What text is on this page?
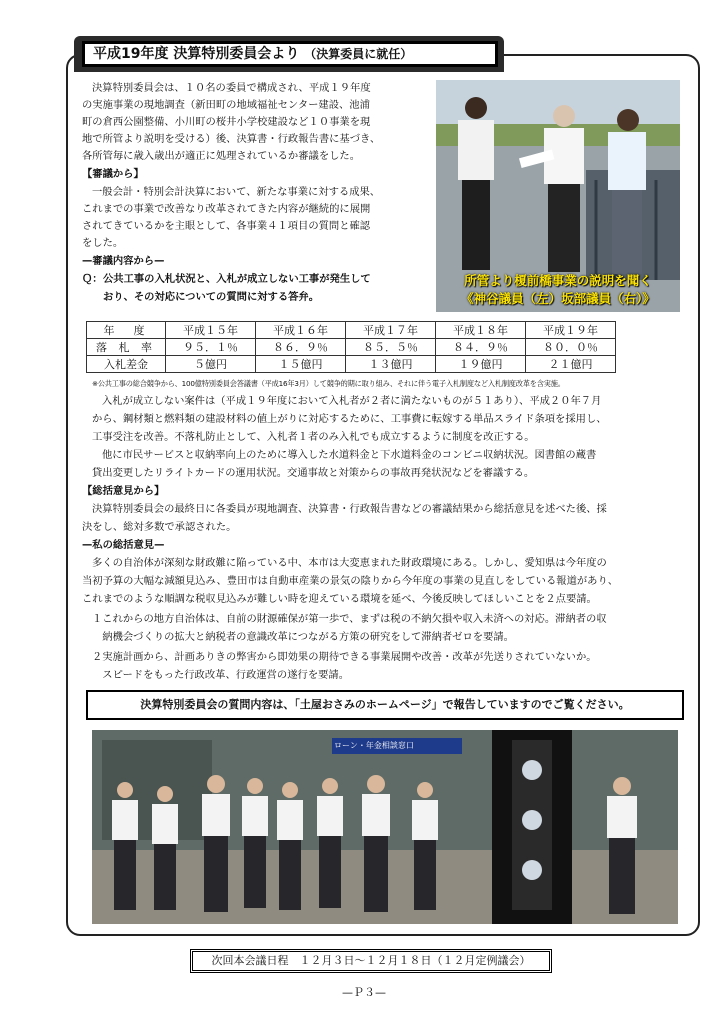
平成19年度 決算特別委員会より （決算委員に就任）
決算特別委員会は、１０名の委員で構成され、平成１９年度
の実施事業の現地調査（新田町の地域福祉センター建設、池浦
町の倉西公園整備、小川町の桜井小学校建設など１０事業を現
地で所管より説明を受ける）後、決算書・行政報告書に基づき、
各所管毎に歳入歳出が適正に処理されているか審議をした。
【審議から】
一般会計・特別会計決算において、新たな事業に対する成果、
これまでの事業で改善なり改革されてきた内容が継続的に展開
されてきているかを主眼として、各事業４１項目の質問と確認
をした。
—審議内容から—
Ｑ： 公共工事の入札状況と、入札が成立しない工事が発生して
おり、その対応についての質問に対する答弁。
所管より榎前橋事業の説明を聞く
《神谷議員（左）坂部議員（右）》
年　度	平成１５年	平成１６年	平成１７年	平成１８年	平成１９年
落 札 率	９５．１％	８６．９％	８５．５％	８４．９％	８０．０％
入札差金	５億円	１５億円	１３億円	１９億円	２１億円
※公共工事の総合競争から、100億特別委員会答議書（平成16年3月）して競争的期に取り組み、それに伴う電子入札制度など入札制度改革を含実施。
入札が成立しない案件は（平成１９年度において入札者が２者に満たないものが５１あり）、平成２０年７月
から、鋼材類と燃料類の建設材料の値上がりに対応するために、工事費に転嫁する単品スライド条項を採用し、
工事受注を改善。不落札防止として、入札者１者のみ入札でも成立するように制度を改正する。
他に市民サービスと収納率向上のために導入した水道料金と下水道料金のコンビニ収納状況。図書館の蔵書
貸出変更したリライトカードの運用状況。交通事故と対策からの事故再発状況などを審議する。
【総括意見から】
決算特別委員会の最終日に各委員が現地調査、決算書・行政報告書などの審議結果から総括意見を述べた後、採
決をし、総対多数で承認された。
—私の総括意見—
多くの自治体が深刻な財政難に陥っている中、本市は大変恵まれた財政環境にある。しかし、愛知県は今年度の
当初予算の大幅な減額見込み、豊田市は自動車産業の景気の陰りから今年度の事業の見直しをしている報道があり、
これまでのような順調な税収見込みが難しい時を迎えている環境を延べ、今後反映してほしいことを２点要請。
１これからの地方自治体は、自前の財源確保が第一歩で、まずは税の不納欠損や収入未済への対応。滞納者の収
　納機会づくりの拡大と納税者の意識改革につながる方策の研究をして滞納者ゼロを要請。
２実施計画から、計画ありきの弊害から即効果の期待できる事業展開や改善・改革が先送りされていないか。
　スピードをもった行政改革、行政運営の遂行を要請。
決算特別委員会の質問内容は、「土屋おさみのホームページ」で報告していますのでご覧ください。
ローン・年金相談窓口
次回本会議日程　１２月３日〜１２月１８日（１２月定例議会）
—Ｐ３—
